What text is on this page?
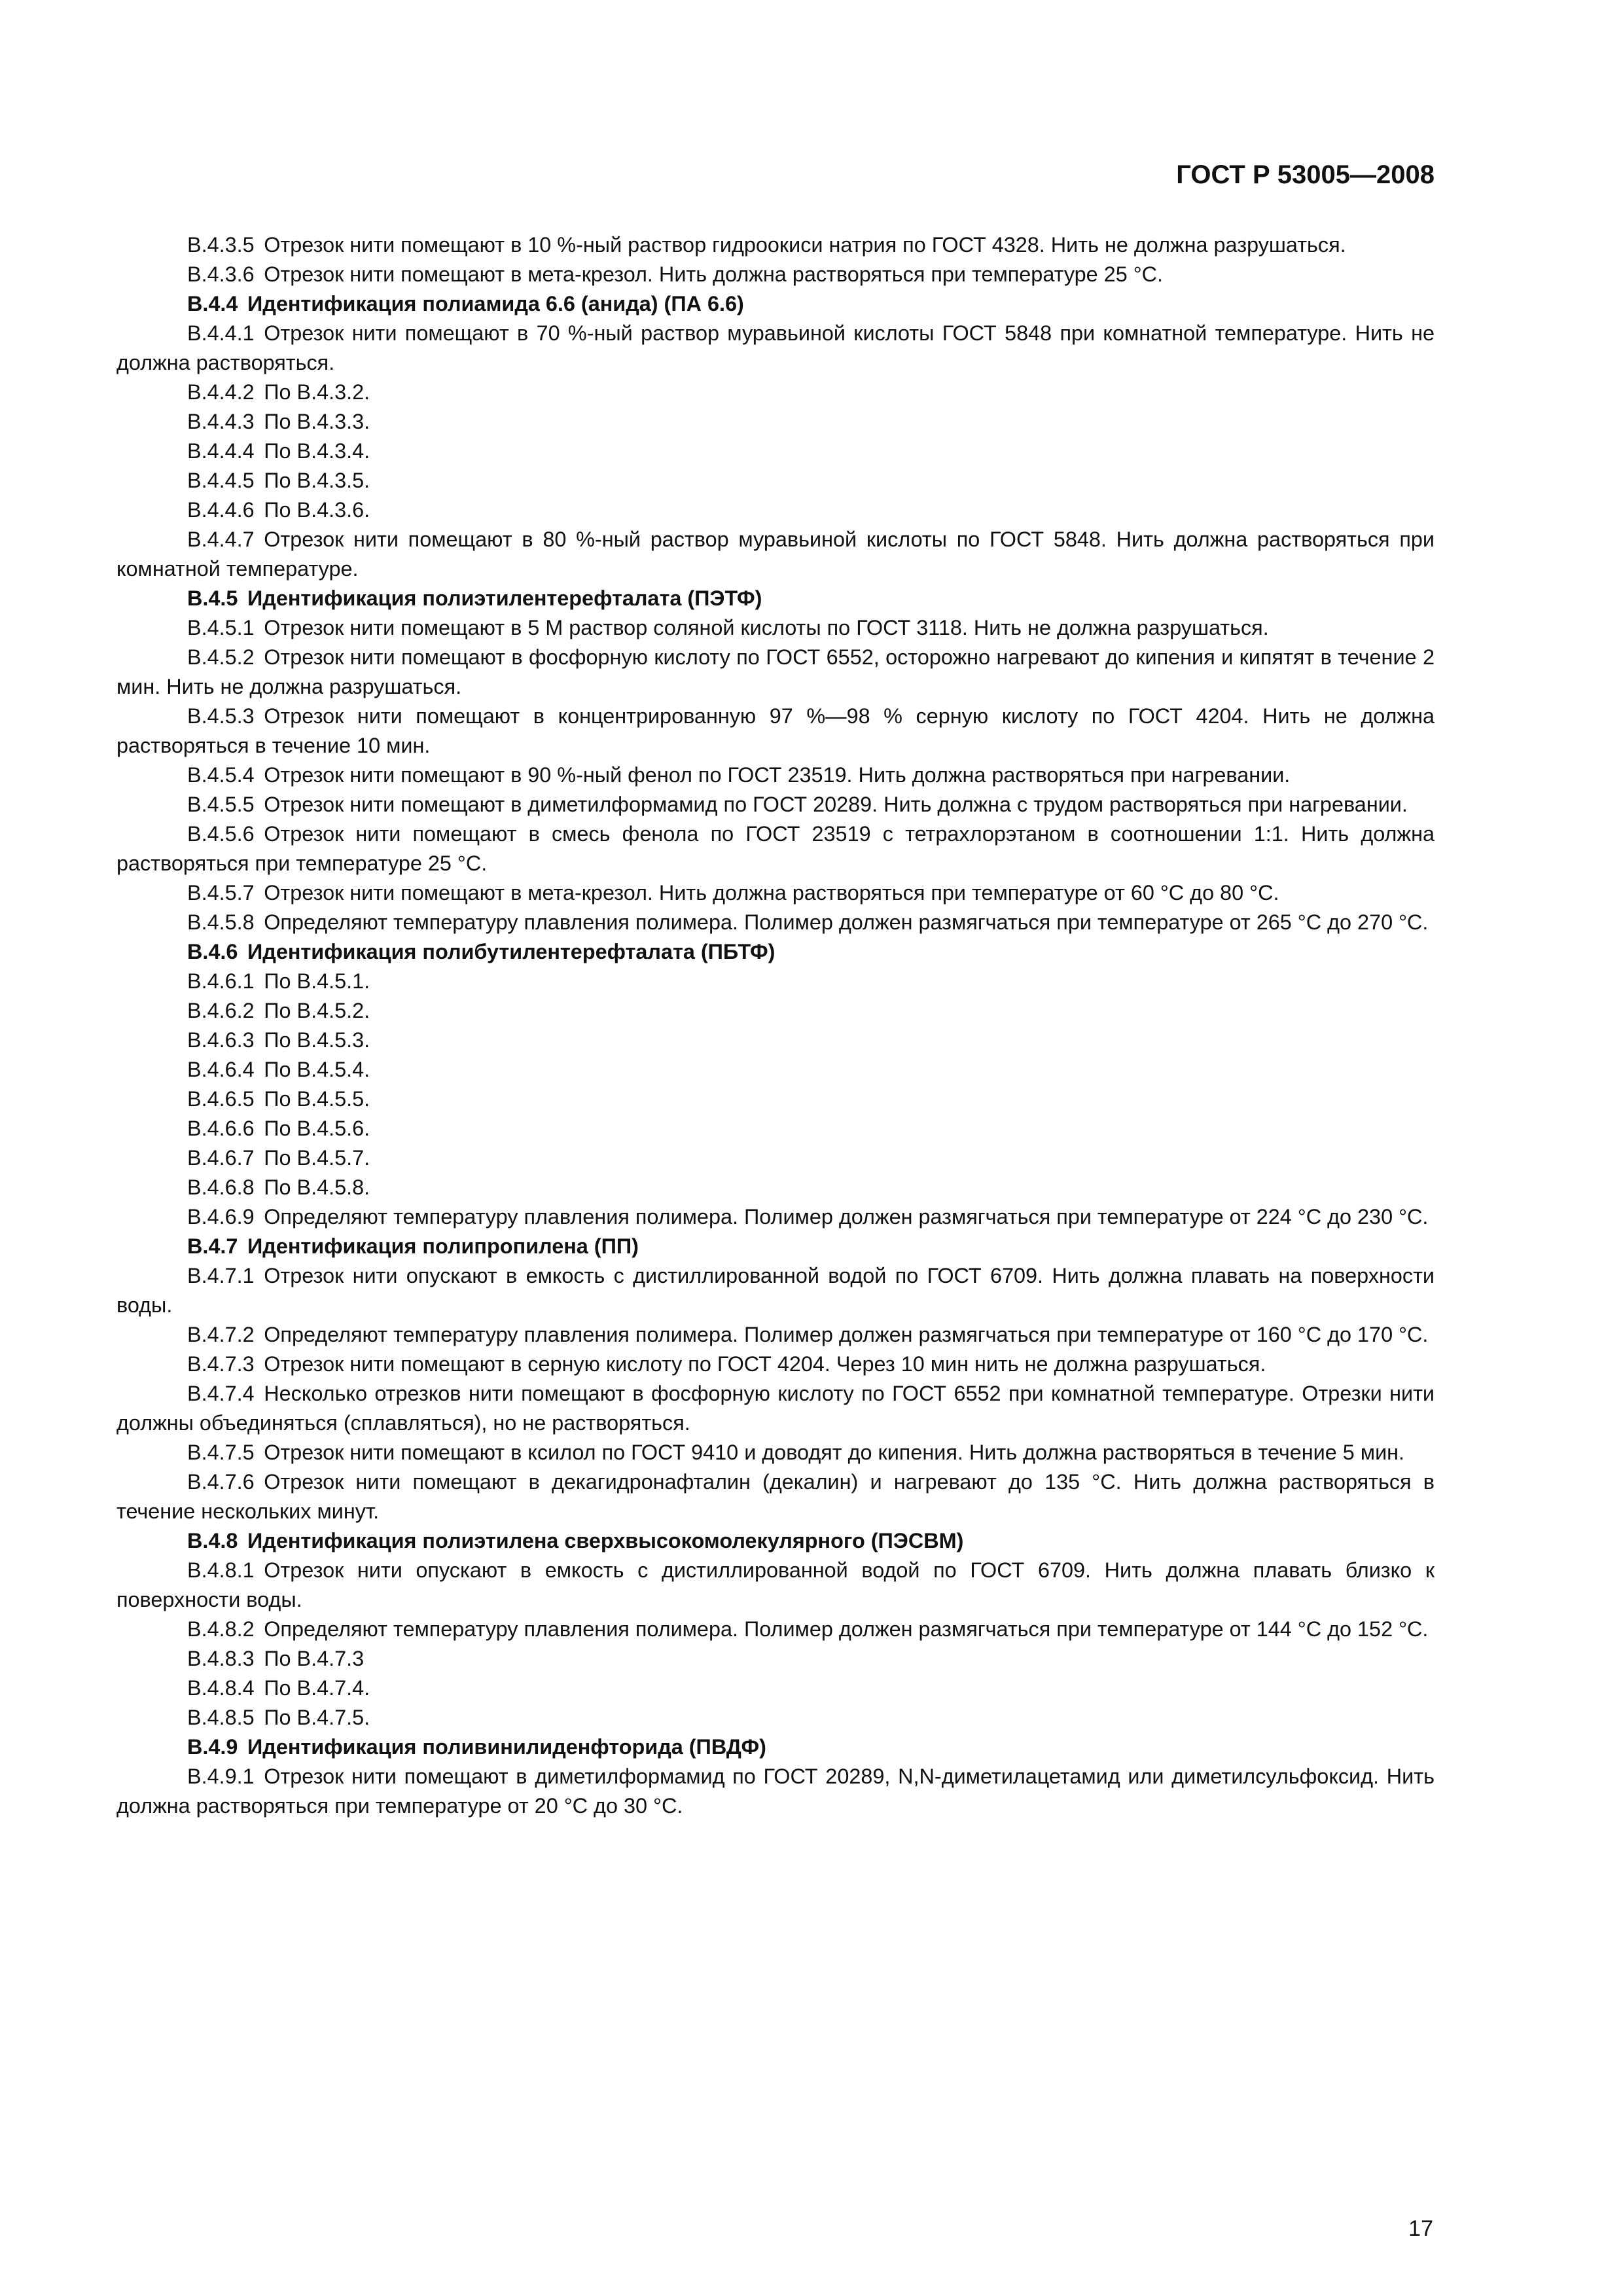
ГОСТ Р 53005—2008

В.4.3.5 Отрезок нити помещают в 10 %-ный раствор гидроокиси натрия по ГОСТ 4328. Нить не должна разрушаться.

В.4.3.6 Отрезок нити помещают в мета-крезол. Нить должна растворяться при температуре 25 °С.

В.4.4 Идентификация полиамида 6.6 (анида) (ПА 6.6)

В.4.4.1 Отрезок нити помещают в 70 %-ный раствор муравьиной кислоты ГОСТ 5848 при комнатной температуре. Нить не должна растворяться.

В.4.4.2 По В.4.3.2.

В.4.4.3 По В.4.3.3.

В.4.4.4 По В.4.3.4.

В.4.4.5 По В.4.3.5.

В.4.4.6 По В.4.3.6.

В.4.4.7 Отрезок нити помещают в 80 %-ный раствор муравьиной кислоты по ГОСТ 5848. Нить должна растворяться при комнатной температуре.

В.4.5 Идентификация полиэтилентерефталата (ПЭТФ)

В.4.5.1 Отрезок нити помещают в 5 М раствор соляной кислоты по ГОСТ 3118. Нить не должна разрушаться.

В.4.5.2 Отрезок нити помещают в фосфорную кислоту по ГОСТ 6552, осторожно нагревают до кипения и кипятят в течение 2 мин. Нить не должна разрушаться.

В.4.5.3 Отрезок нити помещают в концентрированную 97 %—98 % серную кислоту по ГОСТ 4204. Нить не должна растворяться в течение 10 мин.

В.4.5.4 Отрезок нити помещают в 90 %-ный фенол по ГОСТ 23519. Нить должна растворяться при нагревании.

В.4.5.5 Отрезок нити помещают в диметилформамид по ГОСТ 20289. Нить должна с трудом растворяться при нагревании.

В.4.5.6 Отрезок нити помещают в смесь фенола по ГОСТ 23519 с тетрахлорэтаном в соотношении 1:1. Нить должна растворяться при температуре 25 °С.

В.4.5.7 Отрезок нити помещают в мета-крезол. Нить должна растворяться при температуре от 60 °С до 80 °С.

В.4.5.8 Определяют температуру плавления полимера. Полимер должен размягчаться при температуре от 265 °С до 270 °С.

В.4.6 Идентификация полибутилентерефталата (ПБТФ)

В.4.6.1 По В.4.5.1.

В.4.6.2 По В.4.5.2.

В.4.6.3 По В.4.5.3.

В.4.6.4 По В.4.5.4.

В.4.6.5 По В.4.5.5.

В.4.6.6 По В.4.5.6.

В.4.6.7 По В.4.5.7.

В.4.6.8 По В.4.5.8.

В.4.6.9 Определяют температуру плавления полимера. Полимер должен размягчаться при температуре от 224 °С до 230 °С.

В.4.7 Идентификация полипропилена (ПП)

В.4.7.1 Отрезок нити опускают в емкость с дистиллированной водой по ГОСТ 6709. Нить должна плавать на поверхности воды.

В.4.7.2 Определяют температуру плавления полимера. Полимер должен размягчаться при температуре от 160 °С до 170 °С.

В.4.7.3 Отрезок нити помещают в серную кислоту по ГОСТ 4204. Через 10 мин нить не должна разрушаться.

В.4.7.4 Несколько отрезков нити помещают в фосфорную кислоту по ГОСТ 6552 при комнатной температуре. Отрезки нити должны объединяться (сплавляться), но не растворяться.

В.4.7.5 Отрезок нити помещают в ксилол по ГОСТ 9410 и доводят до кипения. Нить должна растворяться в течение 5 мин.

В.4.7.6 Отрезок нити помещают в декагидронафталин (декалин) и нагревают до 135 °С. Нить должна растворяться в течение нескольких минут.

В.4.8 Идентификация полиэтилена сверхвысокомолекулярного (ПЭСВМ)

В.4.8.1 Отрезок нити опускают в емкость с дистиллированной водой по ГОСТ 6709. Нить должна плавать близко к поверхности воды.

В.4.8.2 Определяют температуру плавления полимера. Полимер должен размягчаться при температуре от 144 °С до 152 °С.

В.4.8.3 По В.4.7.3

В.4.8.4 По В.4.7.4.

В.4.8.5 По В.4.7.5.

В.4.9 Идентификация поливинилиденфторида (ПВДФ)

В.4.9.1 Отрезок нити помещают в диметилформамид по ГОСТ 20289, N,N-диметилацетамид или диметилсульфоксид. Нить должна растворяться при температуре от 20 °С до 30 °С.

17
